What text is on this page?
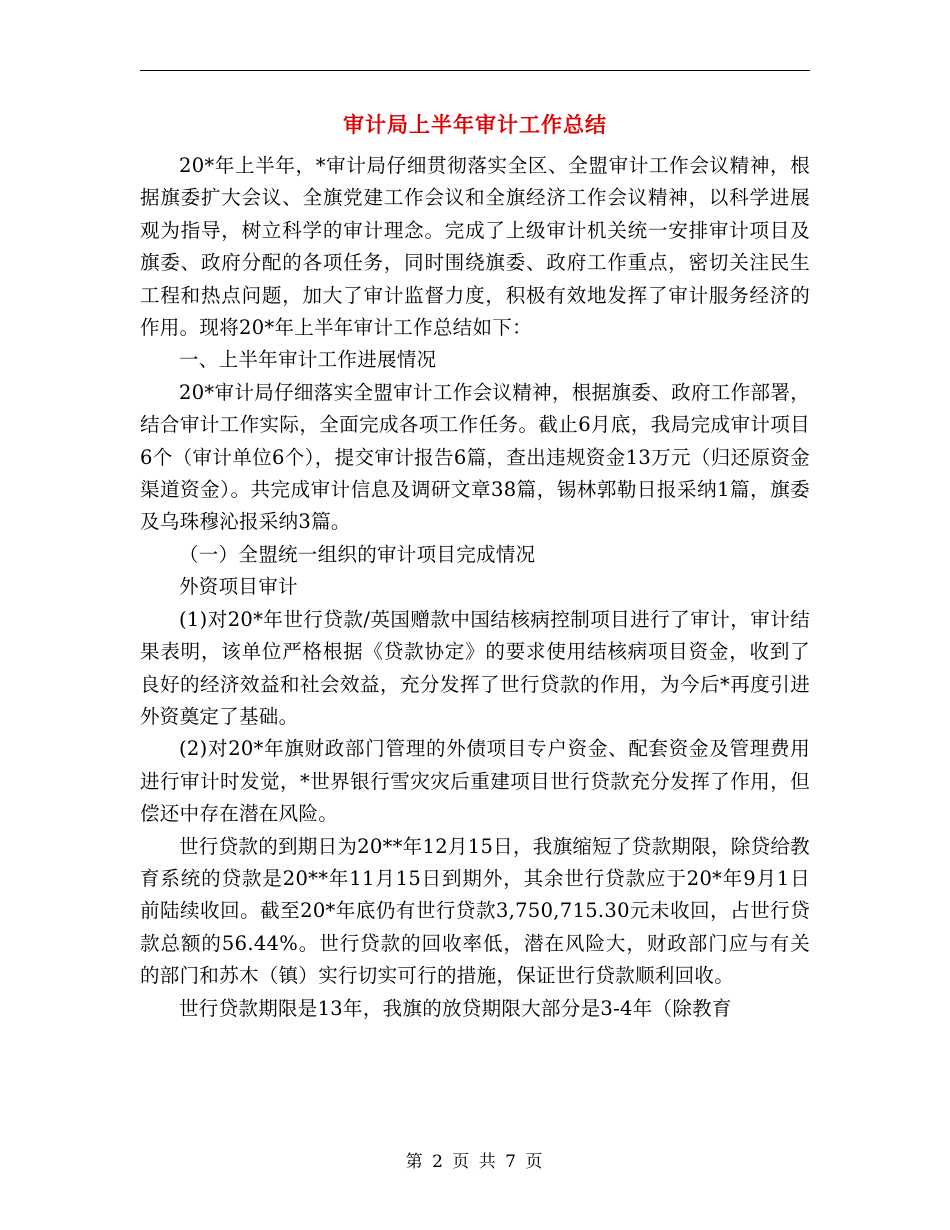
审计局上半年审计工作总结

20*年上半年，*审计局仔细贯彻落实全区、全盟审计工作会议精神，根据旗委扩大会议、全旗党建工作会议和全旗经济工作会议精神，以科学进展观为指导，树立科学的审计理念。完成了上级审计机关统一安排审计项目及旗委、政府分配的各项任务，同时围绕旗委、政府工作重点，密切关注民生工程和热点问题，加大了审计监督力度，积极有效地发挥了审计服务经济的作用。现将20*年上半年审计工作总结如下：

一、上半年审计工作进展情况

20*审计局仔细落实全盟审计工作会议精神，根据旗委、政府工作部署，结合审计工作实际，全面完成各项工作任务。截止6月底，我局完成审计项目6个（审计单位6个），提交审计报告6篇，查出违规资金13万元（归还原资金渠道资金）。共完成审计信息及调研文章38篇，锡林郭勒日报采纳1篇，旗委及乌珠穆沁报采纳3篇。

（一）全盟统一组织的审计项目完成情况

外资项目审计

(1)对20*年世行贷款/英国赠款中国结核病控制项目进行了审计，审计结果表明，该单位严格根据《贷款协定》的要求使用结核病项目资金，收到了良好的经济效益和社会效益，充分发挥了世行贷款的作用，为今后*再度引进外资奠定了基础。

(2)对20*年旗财政部门管理的外债项目专户资金、配套资金及管理费用进行审计时发觉，*世界银行雪灾灾后重建项目世行贷款充分发挥了作用，但偿还中存在潜在风险。

世行贷款的到期日为20**年12月15日，我旗缩短了贷款期限，除贷给教育系统的贷款是20**年11月15日到期外，其余世行贷款应于20*年9月1日前陆续收回。截至20*年底仍有世行贷款3,750,715.30元未收回，占世行贷款总额的56.44%。世行贷款的回收率低，潜在风险大，财政部门应与有关的部门和苏木（镇）实行切实可行的措施，保证世行贷款顺利回收。

世行贷款期限是13年，我旗的放贷期限大部分是3-4年（除教育

第 2 页 共 7 页
